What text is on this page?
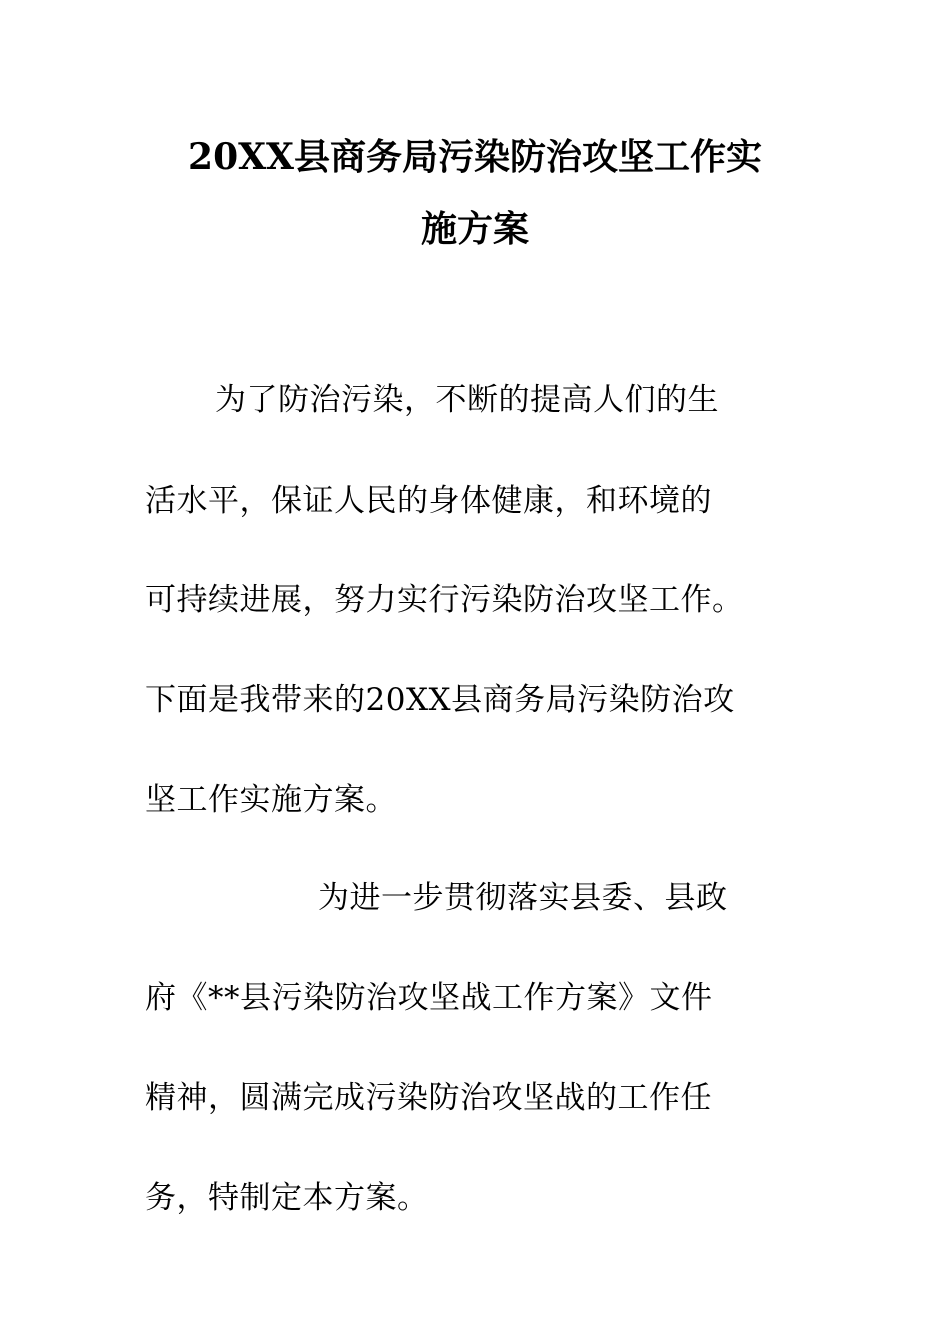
20XX县商务局污染防治攻坚工作实
施方案
为了防治污染，不断的提高人们的生
活水平，保证人民的身体健康，和环境的
可持续进展，努力实行污染防治攻坚工作。
下面是我带来的20XX县商务局污染防治攻
坚工作实施方案。
为进一步贯彻落实县委、县政
府《**县污染防治攻坚战工作方案》文件
精神，圆满完成污染防治攻坚战的工作任
务，特制定本方案。
